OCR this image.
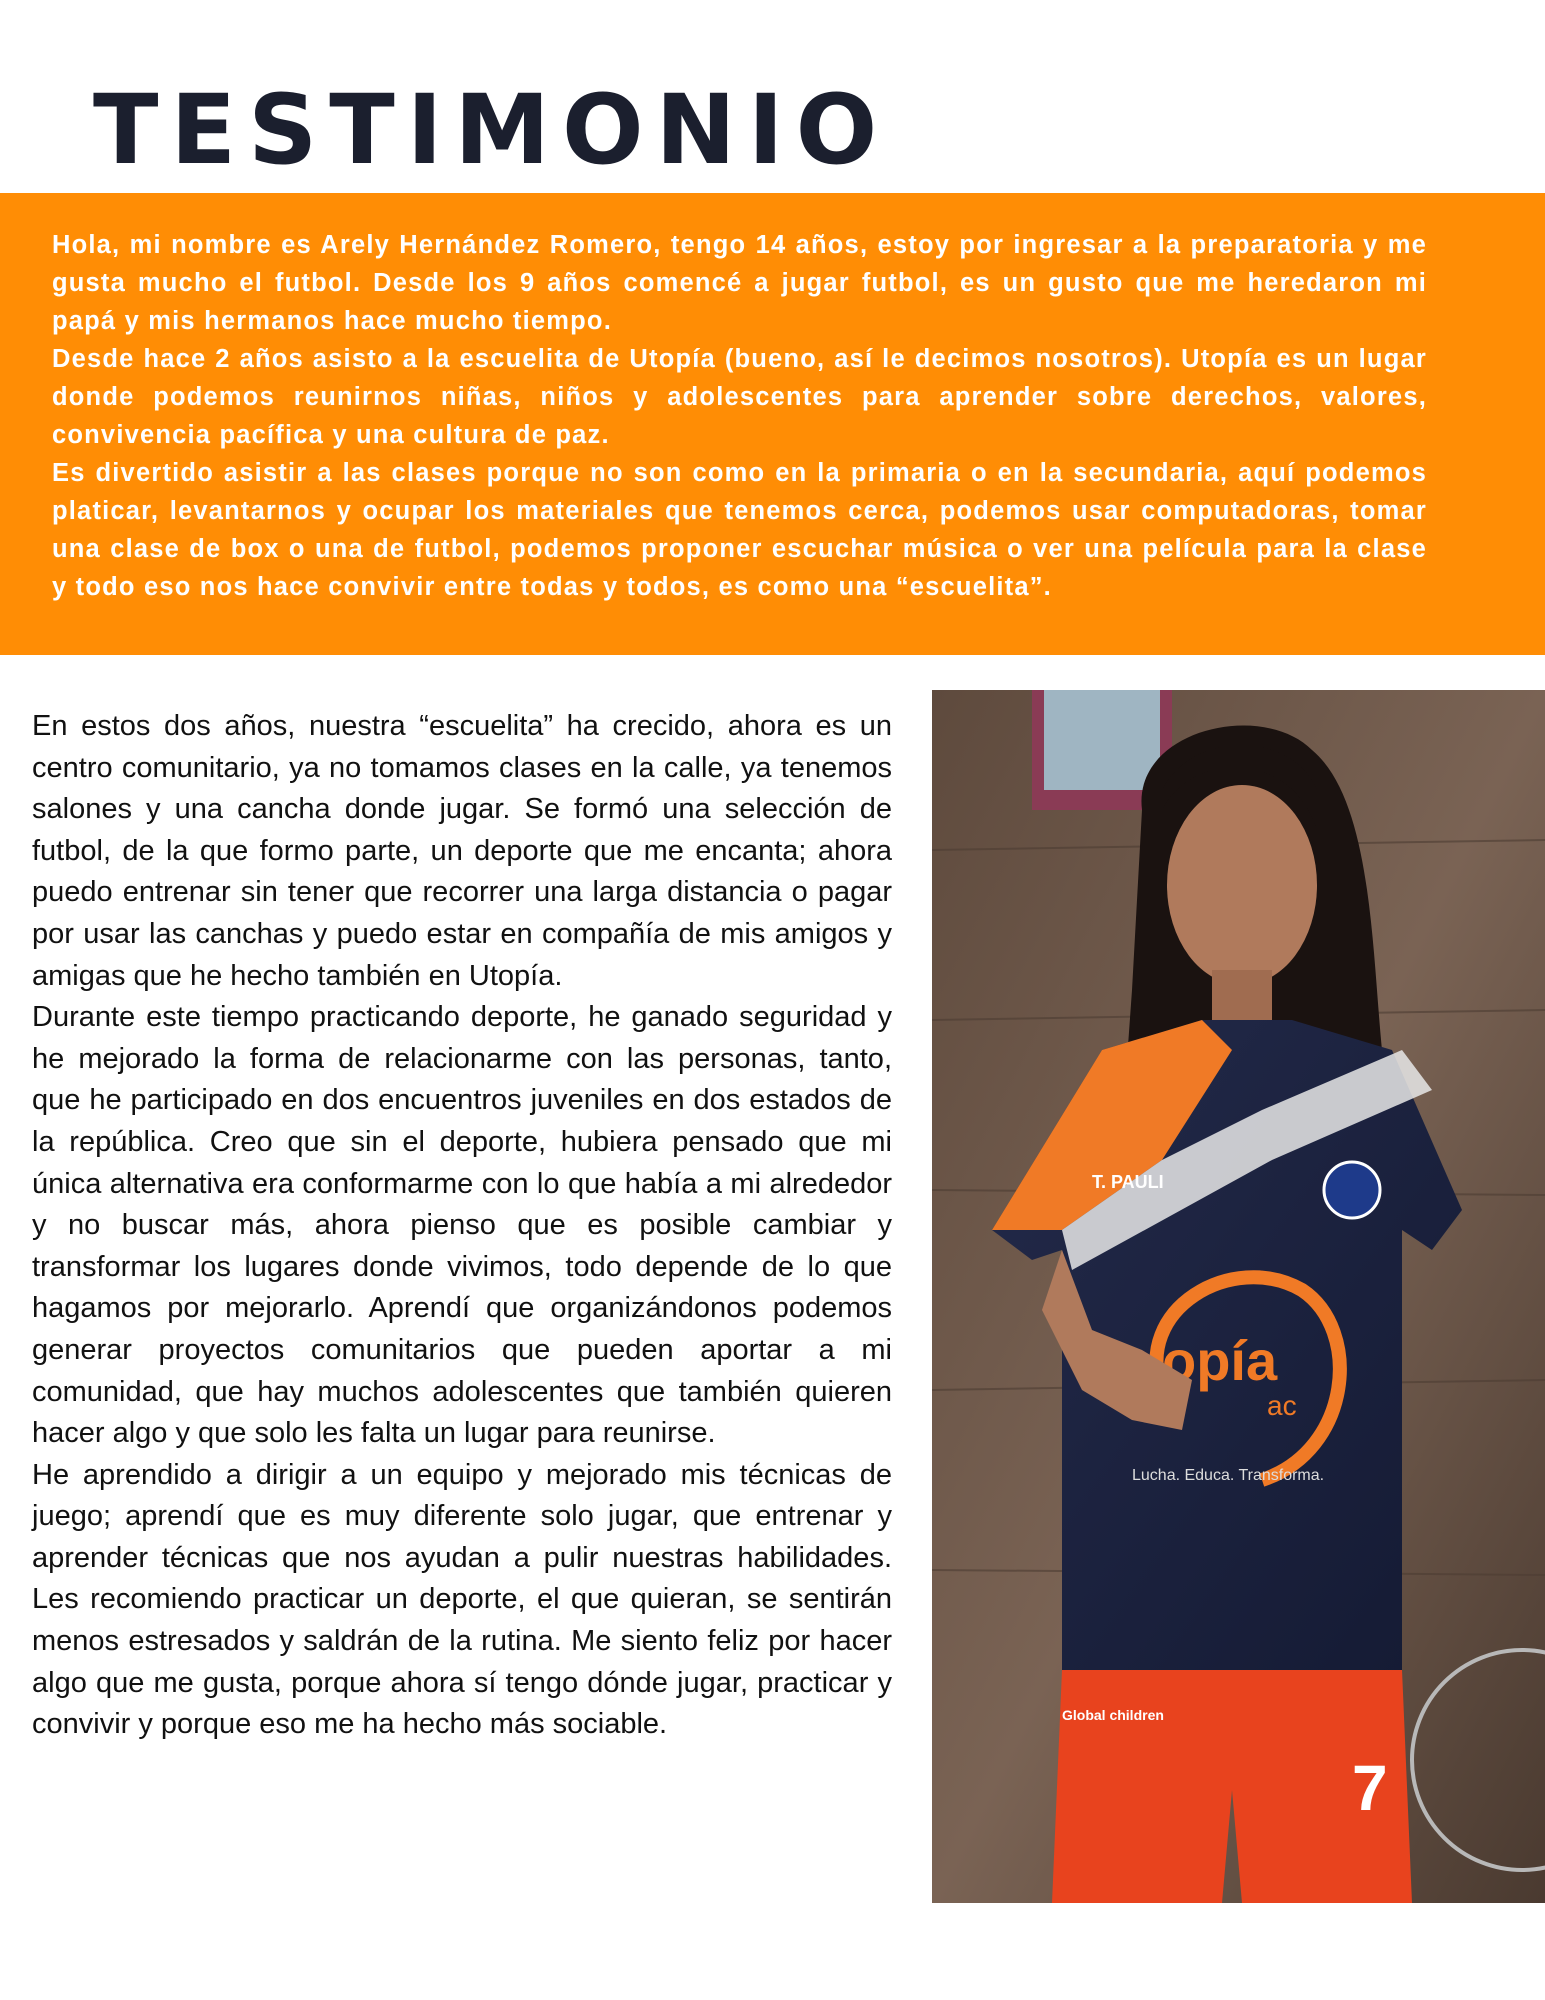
TESTIMONIO

Hola, mi nombre es Arely Hernández Romero, tengo 14 años, estoy por ingresar a la preparatoria y me gusta mucho el futbol. Desde los 9 años comencé a jugar futbol, es un gusto que me heredaron mi papá y mis hermanos hace mucho tiempo.

Desde hace 2 años asisto a la escuelita de Utopía (bueno, así le decimos nosotros). Utopía es un lugar donde podemos reunirnos niñas, niños y adolescentes para aprender sobre derechos, valores, convivencia pacífica y una cultura de paz.

Es divertido asistir a las clases porque no son como en la primaria o en la secundaria, aquí podemos platicar, levantarnos y ocupar los materiales que tenemos cerca, podemos usar computadoras, tomar una clase de box o una de futbol, podemos proponer escuchar música o ver una película para la clase y todo eso nos hace convivir entre todas y todos, es como una “escuelita”.

En estos dos años, nuestra “escuelita” ha crecido, ahora es un centro comunitario, ya no tomamos clases en la calle, ya tenemos salones y una cancha donde jugar. Se formó una selección de futbol, de la que formo parte, un deporte que me encanta; ahora puedo entrenar sin tener que recorrer una larga distancia o pagar por usar las canchas y puedo estar en compañía de mis amigos y amigas que he hecho también en Utopía.

Durante este tiempo practicando deporte, he ganado seguridad y he mejorado la forma de relacionarme con las personas, tanto, que he participado en dos encuentros juveniles en dos estados de la república. Creo que sin el deporte, hubiera pensado que mi única alternativa era conformarme con lo que había a mi alrededor y no buscar más, ahora pienso que es posible cambiar y transformar los lugares donde vivimos, todo depende de lo que hagamos por mejorarlo. Aprendí que organizándonos podemos generar proyectos comunitarios que pueden aportar a mi comunidad, que hay muchos adolescentes que también quieren hacer algo y que solo les falta un lugar para reunirse.

He aprendido a dirigir a un equipo y mejorado mis técnicas de juego; aprendí que es muy diferente solo jugar, que entrenar y aprender técnicas que nos ayudan a pulir nuestras habilidades. Les recomiendo practicar un deporte, el que quieran, se sentirán menos estresados y saldrán de la rutina. Me siento feliz por hacer algo que me gusta, porque ahora sí tengo dónde jugar, practicar y convivir y porque eso me ha hecho más sociable.

opía
ac
Lucha. Educa. Transforma.
T. PAULI
Global children
7
